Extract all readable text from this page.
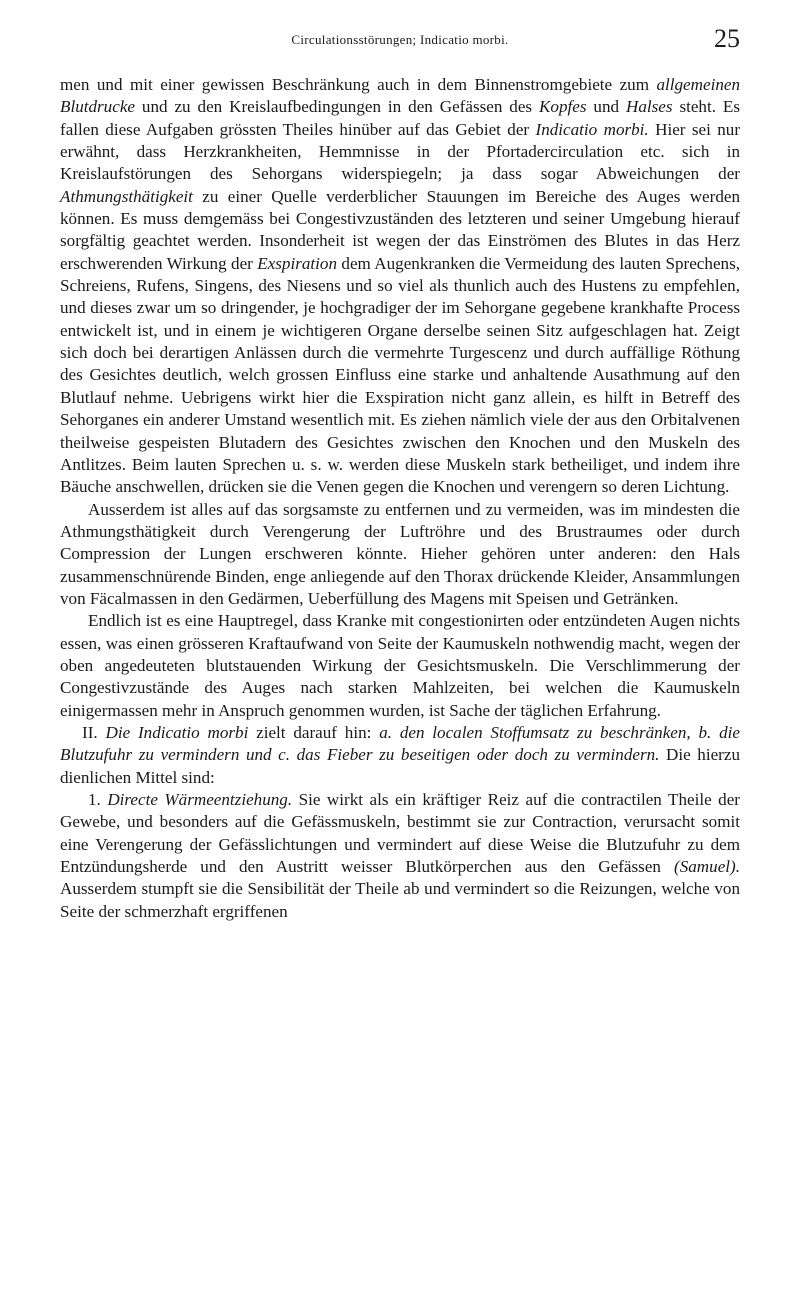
Circulationsstörungen; Indicatio morbi.	25

men und mit einer gewissen Beschränkung auch in dem Binnenstromgebiete zum allgemeinen Blutdrucke und zu den Kreislaufbedingungen in den Gefässen des Kopfes und Halses steht. Es fallen diese Aufgaben grössten Theiles hinüber auf das Gebiet der Indicatio morbi. Hier sei nur erwähnt, dass Herzkrankheiten, Hemmnisse in der Pfortadercirculation etc. sich in Kreislaufstörungen des Sehorgans widerspiegeln; ja dass sogar Abweichungen der Athmungsthätigkeit zu einer Quelle verderblicher Stauungen im Bereiche des Auges werden können. Es muss demgemäss bei Congestivzuständen des letzteren und seiner Umgebung hierauf sorgfältig geachtet werden. Insonderheit ist wegen der das Einströmen des Blutes in das Herz erschwerenden Wirkung der Exspiration dem Augenkranken die Vermeidung des lauten Sprechens, Schreiens, Rufens, Singens, des Niesens und so viel als thunlich auch des Hustens zu empfehlen, und dieses zwar um so dringender, je hochgradiger der im Sehorgane gegebene krankhafte Process entwickelt ist, und in einem je wichtigeren Organe derselbe seinen Sitz aufgeschlagen hat. Zeigt sich doch bei derartigen Anlässen durch die vermehrte Turgescenz und durch auffällige Röthung des Gesichtes deutlich, welch grossen Einfluss eine starke und anhaltende Ausathmung auf den Blutlauf nehme. Uebrigens wirkt hier die Exspiration nicht ganz allein, es hilft in Betreff des Sehorganes ein anderer Umstand wesentlich mit. Es ziehen nämlich viele der aus den Orbitalvenen theilweise gespeisten Blutadern des Gesichtes zwischen den Knochen und den Muskeln des Antlitzes. Beim lauten Sprechen u. s. w. werden diese Muskeln stark betheiliget, und indem ihre Bäuche anschwellen, drücken sie die Venen gegen die Knochen und verengern so deren Lichtung.

Ausserdem ist alles auf das sorgsamste zu entfernen und zu vermeiden, was im mindesten die Athmungsthätigkeit durch Verengerung der Luftröhre und des Brustraumes oder durch Compression der Lungen erschweren könnte. Hieher gehören unter anderen: den Hals zusammenschnürende Binden, enge anliegende auf den Thorax drückende Kleider, Ansammlungen von Fäcalmassen in den Gedärmen, Ueberfüllung des Magens mit Speisen und Getränken.

Endlich ist es eine Hauptregel, dass Kranke mit congestionirten oder entzündeten Augen nichts essen, was einen grösseren Kraftaufwand von Seite der Kaumuskeln nothwendig macht, wegen der oben angedeuteten blutstauenden Wirkung der Gesichtsmuskeln. Die Verschlimmerung der Congestivzustände des Auges nach starken Mahlzeiten, bei welchen die Kaumuskeln einigermassen mehr in Anspruch genommen wurden, ist Sache der täglichen Erfahrung.

II. Die Indicatio morbi zielt darauf hin: a. den localen Stoffumsatz zu beschränken, b. die Blutzufuhr zu vermindern und c. das Fieber zu beseitigen oder doch zu vermindern. Die hierzu dienlichen Mittel sind:

1. Directe Wärmeentziehung. Sie wirkt als ein kräftiger Reiz auf die contractilen Theile der Gewebe, und besonders auf die Gefässmuskeln, bestimmt sie zur Contraction, verursacht somit eine Verengerung der Gefässlichtungen und vermindert auf diese Weise die Blutzufuhr zu dem Entzündungsherde und den Austritt weisser Blutkörperchen aus den Gefässen (Samuel). Ausserdem stumpft sie die Sensibilität der Theile ab und vermindert so die Reizungen, welche von Seite der schmerzhaft ergriffenen
